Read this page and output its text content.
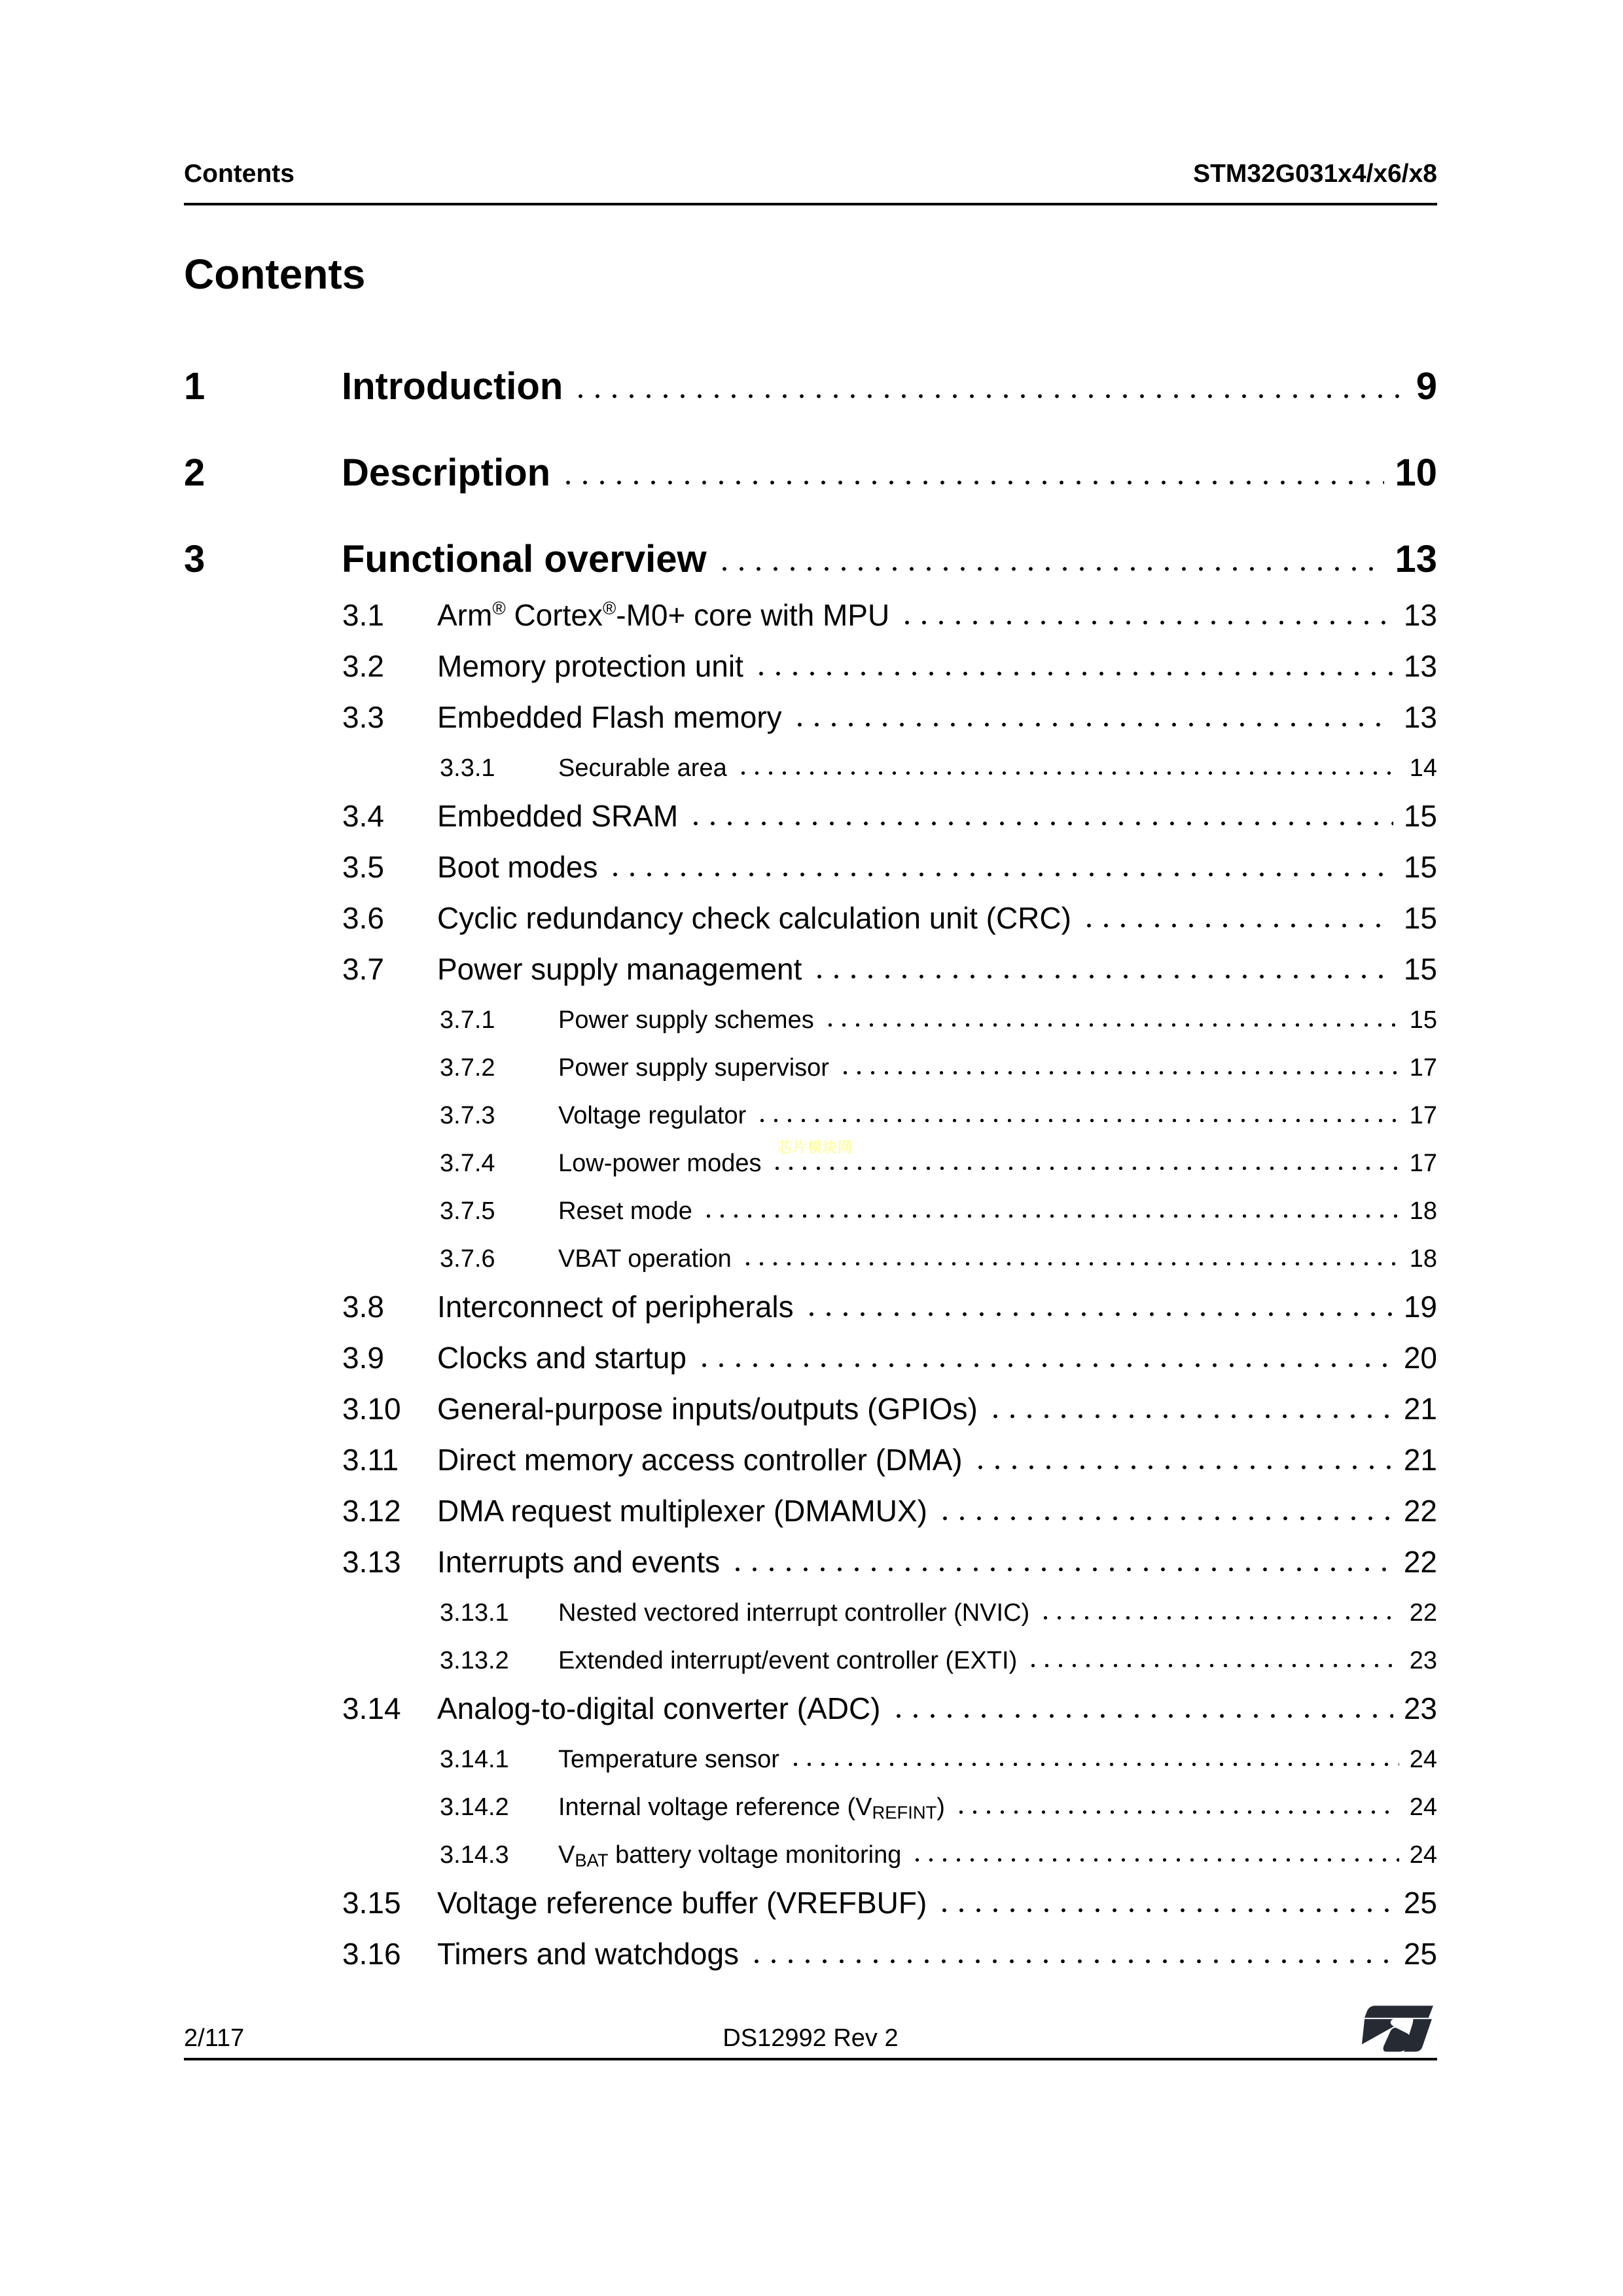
Contents	STM32G031x4/x6/x8
Contents
1	Introduction	9
2	Description	10
3	Functional overview	13
3.1	Arm® Cortex®-M0+ core with MPU	13
3.2	Memory protection unit	13
3.3	Embedded Flash memory	13
3.3.1	Securable area	14
3.4	Embedded SRAM	15
3.5	Boot modes	15
3.6	Cyclic redundancy check calculation unit (CRC)	15
3.7	Power supply management	15
3.7.1	Power supply schemes	15
3.7.2	Power supply supervisor	17
3.7.3	Voltage regulator	17
3.7.4	Low-power modes	17
3.7.5	Reset mode	18
3.7.6	VBAT operation	18
3.8	Interconnect of peripherals	19
3.9	Clocks and startup	20
3.10	General-purpose inputs/outputs (GPIOs)	21
3.11	Direct memory access controller (DMA)	21
3.12	DMA request multiplexer (DMAMUX)	22
3.13	Interrupts and events	22
3.13.1	Nested vectored interrupt controller (NVIC)	22
3.13.2	Extended interrupt/event controller (EXTI)	23
3.14	Analog-to-digital converter (ADC)	23
3.14.1	Temperature sensor	24
3.14.2	Internal voltage reference $(V_{REFINT})$	24
3.14.3	$V_{BAT}$ battery voltage monitoring	24
3.15	Voltage reference buffer (VREFBUF)	25
3.16	Timers and watchdogs	25
芯片模块网
2/117	DS12992 Rev 2
